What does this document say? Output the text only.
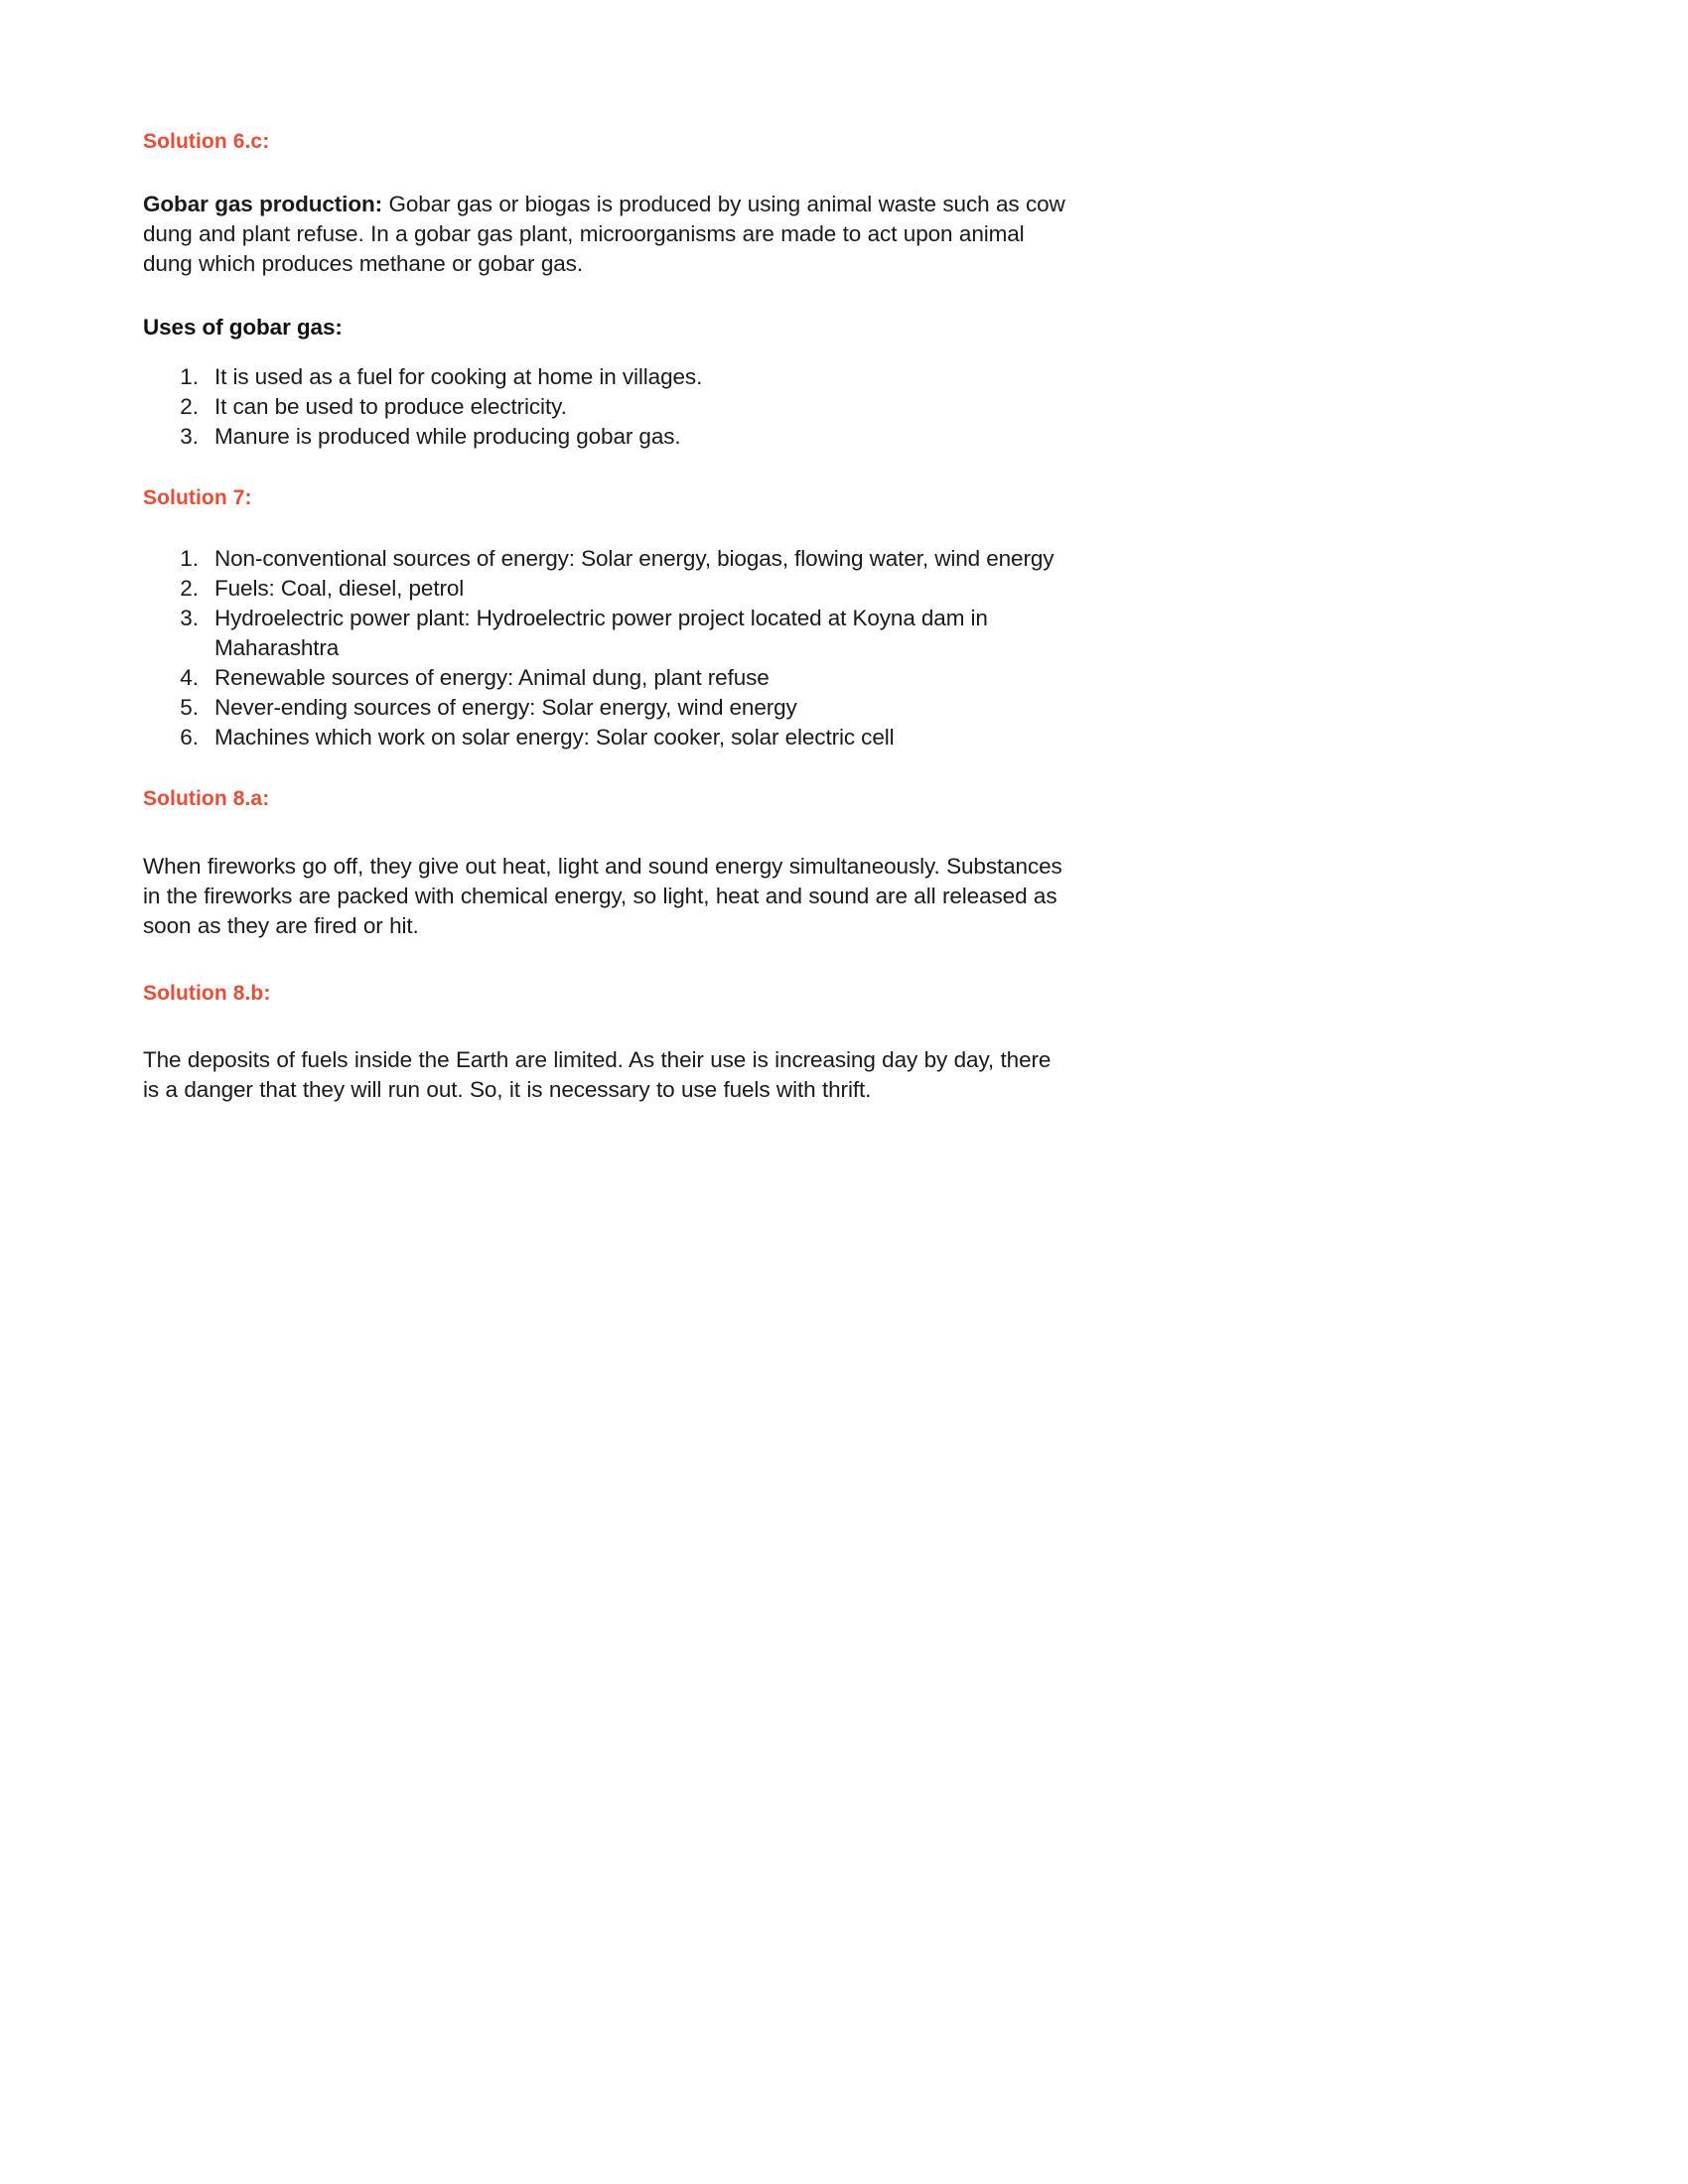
Solution 6.c:

Gobar gas production: Gobar gas or biogas is produced by using animal waste such as cow dung and plant refuse. In a gobar gas plant, microorganisms are made to act upon animal dung which produces methane or gobar gas.

Uses of gobar gas:
1. It is used as a fuel for cooking at home in villages.
2. It can be used to produce electricity.
3. Manure is produced while producing gobar gas.
Solution 7:
1. Non-conventional sources of energy: Solar energy, biogas, flowing water, wind energy
2. Fuels: Coal, diesel, petrol
3. Hydroelectric power plant: Hydroelectric power project located at Koyna dam in Maharashtra
4. Renewable sources of energy: Animal dung, plant refuse
5. Never-ending sources of energy: Solar energy, wind energy
6. Machines which work on solar energy: Solar cooker, solar electric cell
Solution 8.a:

When fireworks go off, they give out heat, light and sound energy simultaneously. Substances in the fireworks are packed with chemical energy, so light, heat and sound are all released as soon as they are fired or hit.

Solution 8.b:

The deposits of fuels inside the Earth are limited. As their use is increasing day by day, there is a danger that they will run out. So, it is necessary to use fuels with thrift.
